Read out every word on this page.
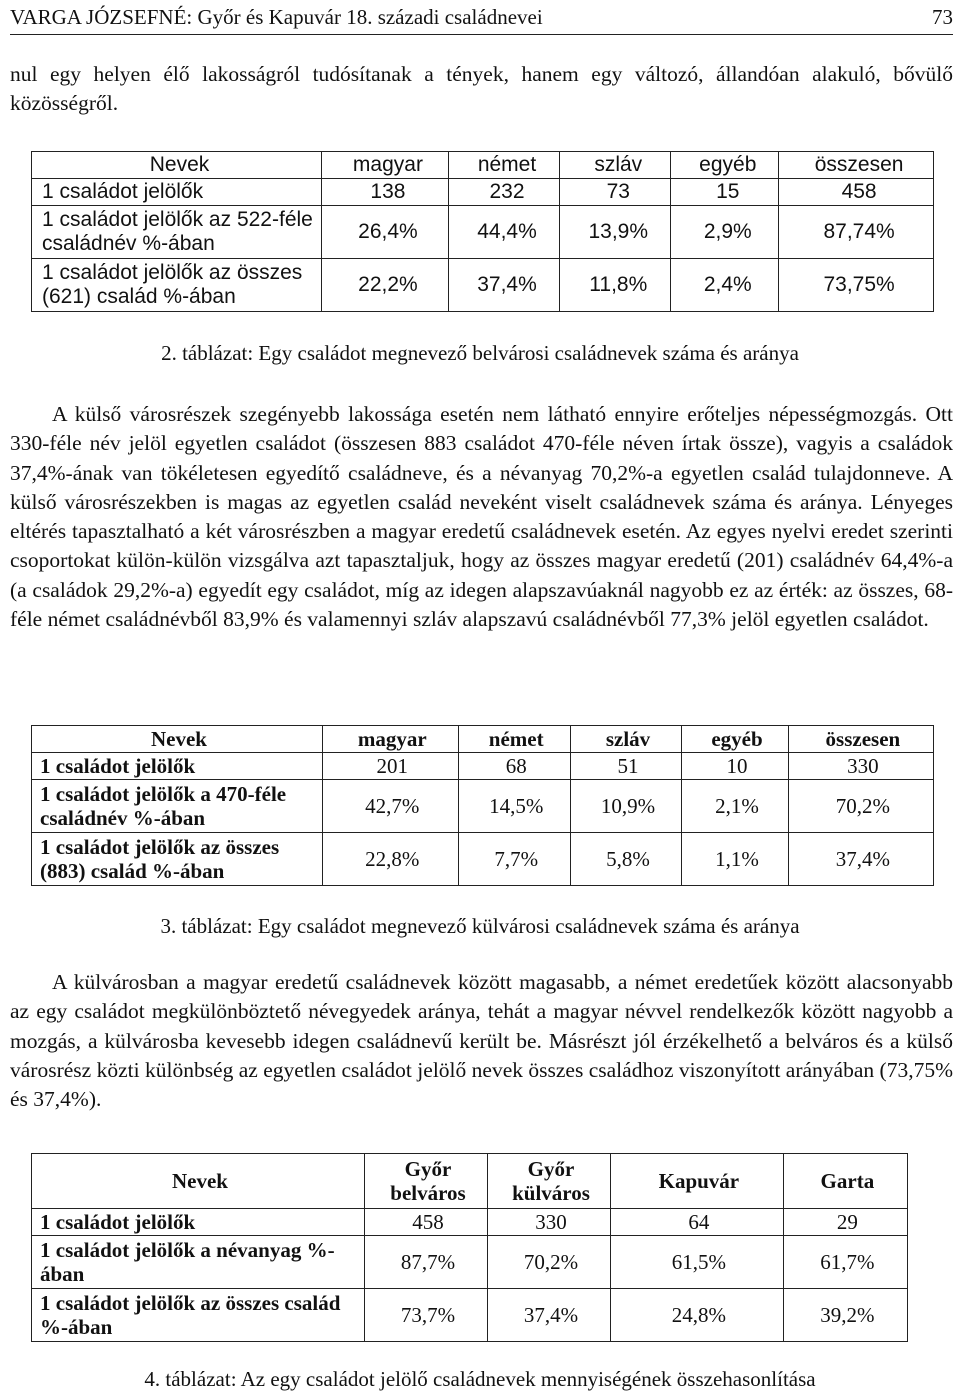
VARGA JÓZSEFNÉ: Győr és Kapuvár 18. századi családnevei	73

nul egy helyen élő lakosságról tudósítanak a tények, hanem egy változó, állandóan alakuló, bővülő közösségről.

Nevek	magyar	német	szláv	egyéb	összesen
1 családot jelölők	138	232	73	15	458
1 családot jelölők az 522-féle családnév %-ában	26,4%	44,4%	13,9%	2,9%	87,74%
1 családot jelölők az összes (621) család %-ában	22,2%	37,4%	11,8%	2,4%	73,75%

2. táblázat: Egy családot megnevező belvárosi családnevek száma és aránya

A külső városrészek szegényebb lakossága esetén nem látható ennyire erőteljes népességmozgás. Ott 330-féle név jelöl egyetlen családot (összesen 883 családot 470-féle néven írtak össze), vagyis a családok 37,4%-ának van tökéletesen egyedítő családneve, és a névanyag 70,2%-a egyetlen család tulajdonneve. A külső városrészekben is magas az egyetlen család neveként viselt családnevek száma és aránya. Lényeges eltérés tapasztalható a két városrészben a magyar eredetű családnevek esetén. Az egyes nyelvi eredet szerinti csoportokat külön-külön vizsgálva azt tapasztaljuk, hogy az összes magyar eredetű (201) családnév 64,4%-a (a családok 29,2%-a) egyedít egy családot, míg az idegen alapszavúaknál nagyobb ez az érték: az összes, 68-féle német családnévből 83,9% és valamennyi szláv alapszavú családnévből 77,3% jelöl egyetlen családot.

Nevek	magyar	német	szláv	egyéb	összesen
1 családot jelölők	201	68	51	10	330
1 családot jelölők a 470-féle családnév %-ában	42,7%	14,5%	10,9%	2,1%	70,2%
1 családot jelölők az összes (883) család %-ában	22,8%	7,7%	5,8%	1,1%	37,4%

3. táblázat: Egy családot megnevező külvárosi családnevek száma és aránya

A külvárosban a magyar eredetű családnevek között magasabb, a német eredetűek között alacsonyabb az egy családot megkülönböztető névegyedek aránya, tehát a magyar névvel rendelkezők között nagyobb a mozgás, a külvárosba kevesebb idegen családnevű került be. Másrészt jól érzékelhető a belváros és a külső városrész közti különbség az egyetlen családot jelölő nevek összes családhoz viszonyított arányában (73,75% és 37,4%).

Nevek	Győr belváros	Győr külváros	Kapuvár	Garta
1 családot jelölők	458	330	64	29
1 családot jelölők a névanyag %-ában	87,7%	70,2%	61,5%	61,7%
1 családot jelölők az összes család %-ában	73,7%	37,4%	24,8%	39,2%

4. táblázat: Az egy családot jelölő családnevek mennyiségének összehasonlítása
